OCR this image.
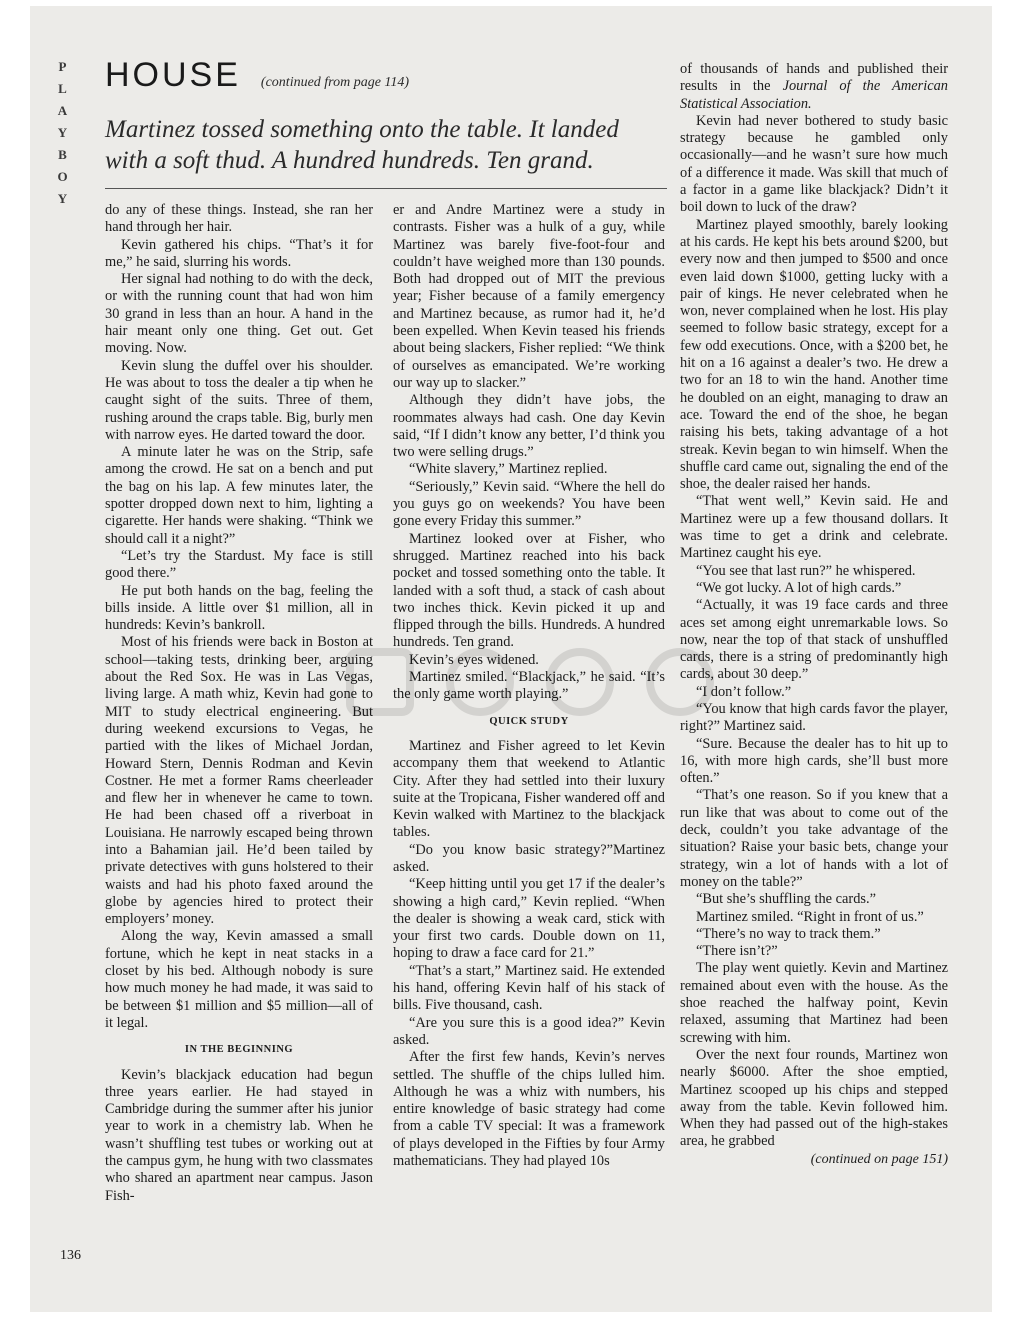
P
L
A
Y
B
O
Y
HOUSE (continued from page 114)
Martinez tossed something onto the table. It landed with a soft thud. A hundred hundreds. Ten grand.

do any of these things. Instead, she ran her hand through her hair.

Kevin gathered his chips. “That’s it for me,” he said, slurring his words.

Her signal had nothing to do with the deck, or with the running count that had won him 30 grand in less than an hour. A hand in the hair meant only one thing. Get out. Get moving. Now.

Kevin slung the duffel over his shoulder. He was about to toss the dealer a tip when he caught sight of the suits. Three of them, rushing around the craps table. Big, burly men with narrow eyes. He darted toward the door.

A minute later he was on the Strip, safe among the crowd. He sat on a bench and put the bag on his lap. A few minutes later, the spotter dropped down next to him, lighting a cigarette. Her hands were shaking. “Think we should call it a night?”

“Let’s try the Stardust. My face is still good there.”

He put both hands on the bag, feeling the bills inside. A little over $1 million, all in hundreds: Kevin’s bankroll.

Most of his friends were back in Boston at school—taking tests, drinking beer, arguing about the Red Sox. He was in Las Vegas, living large. A math whiz, Kevin had gone to MIT to study electrical engineering. But during weekend excursions to Vegas, he partied with the likes of Michael Jordan, Howard Stern, Dennis Rodman and Kevin Costner. He met a former Rams cheerleader and flew her in whenever he came to town. He had been chased off a riverboat in Louisiana. He narrowly escaped being thrown into a Bahamian jail. He’d been tailed by private detectives with guns holstered to their waists and had his photo faxed around the globe by agencies hired to protect their employers’ money.

Along the way, Kevin amassed a small fortune, which he kept in neat stacks in a closet by his bed. Although nobody is sure how much money he had made, it was said to be between $1 million and $5 million—all of it legal.

IN THE BEGINNING

Kevin’s blackjack education had begun three years earlier. He had stayed in Cambridge during the summer after his junior year to work in a chemistry lab. When he wasn’t shuffling test tubes or working out at the campus gym, he hung with two classmates who shared an apartment near campus. Jason Fish-

er and Andre Martinez were a study in contrasts. Fisher was a hulk of a guy, while Martinez was barely five-foot-four and couldn’t have weighed more than 130 pounds. Both had dropped out of MIT the previous year; Fisher because of a family emergency and Martinez because, as rumor had it, he’d been expelled. When Kevin teased his friends about being slackers, Fisher replied: “We think of ourselves as emancipated. We’re working our way up to slacker.”

Although they didn’t have jobs, the roommates always had cash. One day Kevin said, “If I didn’t know any better, I’d think you two were selling drugs.”

“White slavery,” Martinez replied.

“Seriously,” Kevin said. “Where the hell do you guys go on weekends? You have been gone every Friday this summer.”

Martinez looked over at Fisher, who shrugged. Martinez reached into his back pocket and tossed something onto the table. It landed with a soft thud, a stack of cash about two inches thick. Kevin picked it up and flipped through the bills. Hundreds. A hundred hundreds. Ten grand.

Kevin’s eyes widened.

Martinez smiled. “Blackjack,” he said. “It’s the only game worth playing.”

QUICK STUDY

Martinez and Fisher agreed to let Kevin accompany them that weekend to Atlantic City. After they had settled into their luxury suite at the Tropicana, Fisher wandered off and Kevin walked with Martinez to the blackjack tables.

“Do you know basic strategy?”Martinez asked.

“Keep hitting until you get 17 if the dealer’s showing a high card,” Kevin replied. “When the dealer is showing a weak card, stick with your first two cards. Double down on 11, hoping to draw a face card for 21.”

“That’s a start,” Martinez said. He extended his hand, offering Kevin half of his stack of bills. Five thousand, cash.

“Are you sure this is a good idea?” Kevin asked.

After the first few hands, Kevin’s nerves settled. The shuffle of the chips lulled him. Although he was a whiz with numbers, his entire knowledge of basic strategy had come from a cable TV special: It was a framework of plays developed in the Fifties by four Army mathematicians. They had played 10s

of thousands of hands and published their results in the Journal of the American Statistical Association.

Kevin had never bothered to study basic strategy because he gambled only occasionally—and he wasn’t sure how much of a difference it made. Was skill that much of a factor in a game like blackjack? Didn’t it boil down to luck of the draw?

Martinez played smoothly, barely looking at his cards. He kept his bets around $200, but every now and then jumped to $500 and once even laid down $1000, getting lucky with a pair of kings. He never celebrated when he won, never complained when he lost. His play seemed to follow basic strategy, except for a few odd executions. Once, with a $200 bet, he hit on a 16 against a dealer’s two. He drew a two for an 18 to win the hand. Another time he doubled on an eight, managing to draw an ace. Toward the end of the shoe, he began raising his bets, taking advantage of a hot streak. Kevin began to win himself. When the shuffle card came out, signaling the end of the shoe, the dealer raised her hands.

“That went well,” Kevin said. He and Martinez were up a few thousand dollars. It was time to get a drink and celebrate. Martinez caught his eye.

“You see that last run?” he whispered.

“We got lucky. A lot of high cards.”

“Actually, it was 19 face cards and three aces set among eight unremarkable lows. So now, near the top of that stack of unshuffled cards, there is a string of predominantly high cards, about 30 deep.”

“I don’t follow.”

“You know that high cards favor the player, right?” Martinez said.

“Sure. Because the dealer has to hit up to 16, with more high cards, she’ll bust more often.”

“That’s one reason. So if you knew that a run like that was about to come out of the deck, couldn’t you take advantage of the situation? Raise your basic bets, change your strategy, win a lot of hands with a lot of money on the table?”

“But she’s shuffling the cards.”

Martinez smiled. “Right in front of us.”

“There’s no way to track them.”

“There isn’t?”

The play went quietly. Kevin and Martinez remained about even with the house. As the shoe reached the halfway point, Kevin relaxed, assuming that Martinez had been screwing with him.

Over the next four rounds, Martinez won nearly $6000. After the shoe emptied, Martinez scooped up his chips and stepped away from the table. Kevin followed him. When they had passed out of the high-stakes area, he grabbed

(continued on page 151)
136
